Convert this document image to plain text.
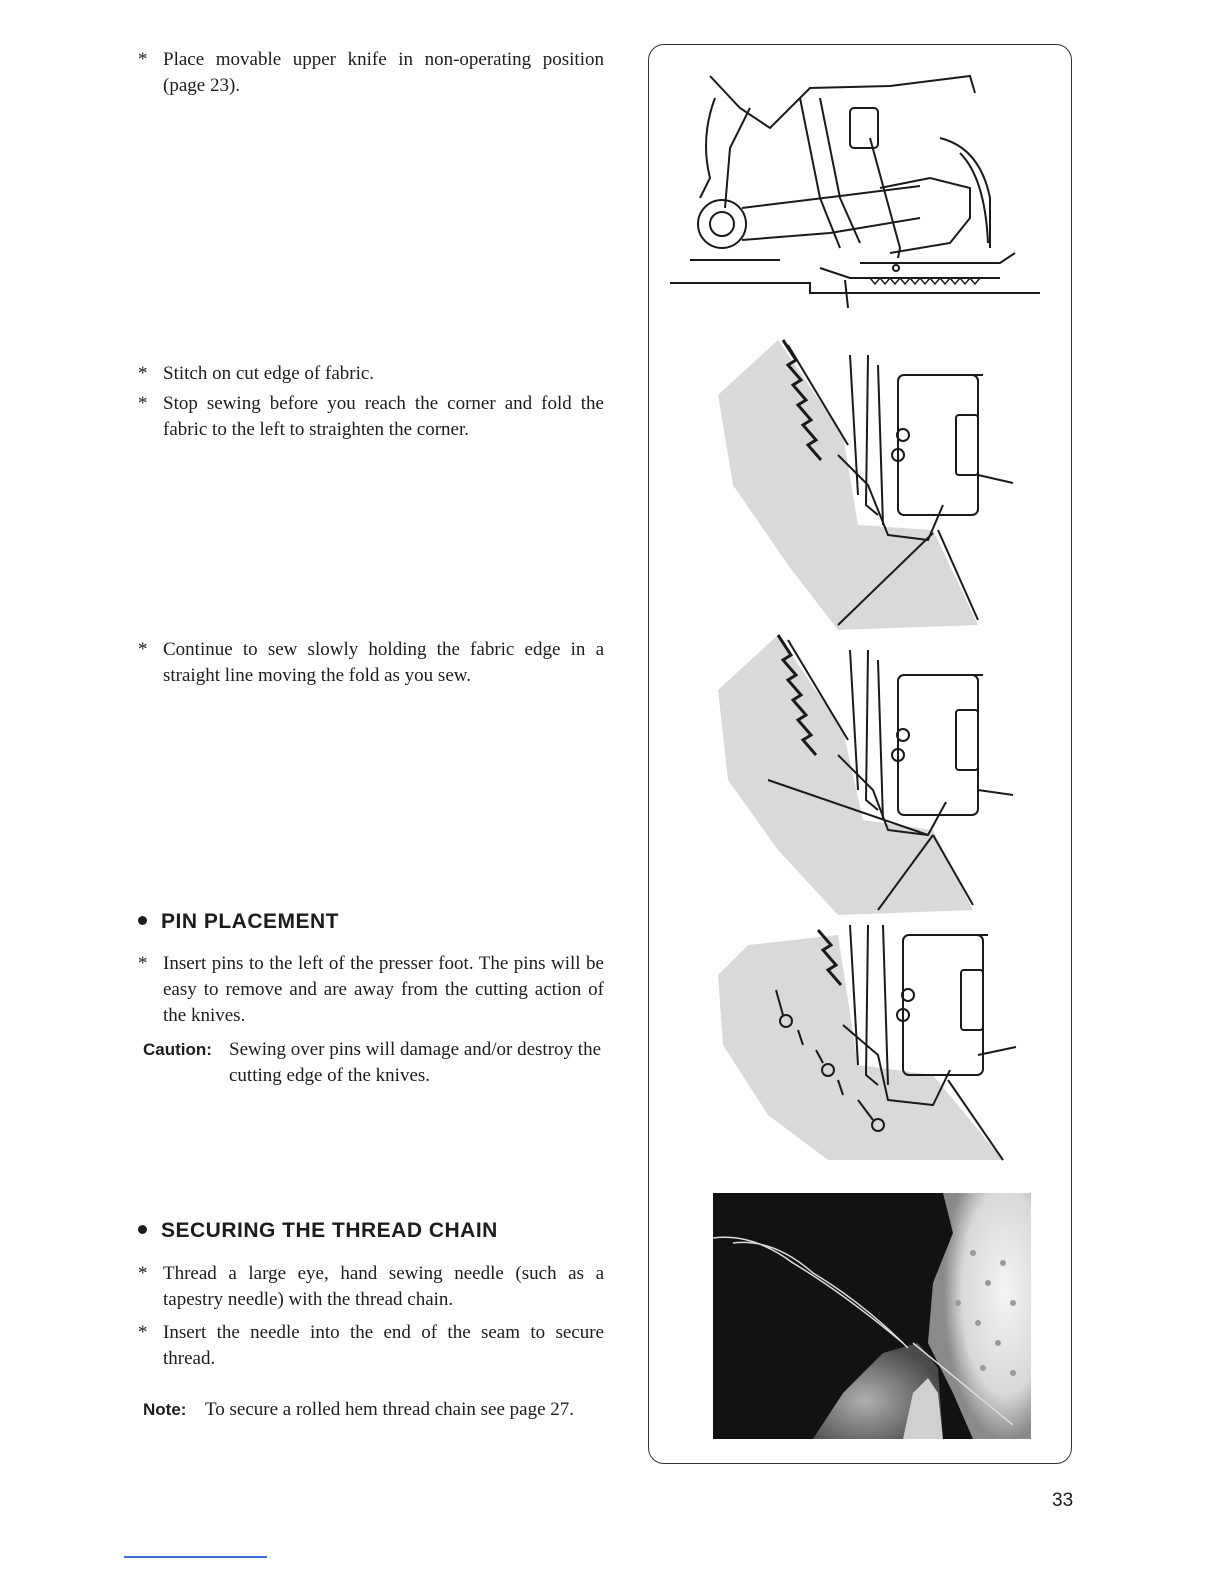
* Place movable upper knife in non-operating position (page 23).
* Stitch on cut edge of fabric.
* Stop sewing before you reach the corner and fold the fabric to the left to straighten the corner.
* Continue to sew slowly holding the fabric edge in a straight line moving the fold as you sew.
PIN PLACEMENT
* Insert pins to the left of the presser foot. The pins will be easy to remove and are away from the cutting action of the knives.
Caution: Sewing over pins will damage and/or destroy the cutting edge of the knives.
SECURING THE THREAD CHAIN
* Thread a large eye, hand sewing needle (such as a tapestry needle) with the thread chain.
* Insert the needle into the end of the seam to secure thread.
Note: To secure a rolled hem thread chain see page 27.
33
